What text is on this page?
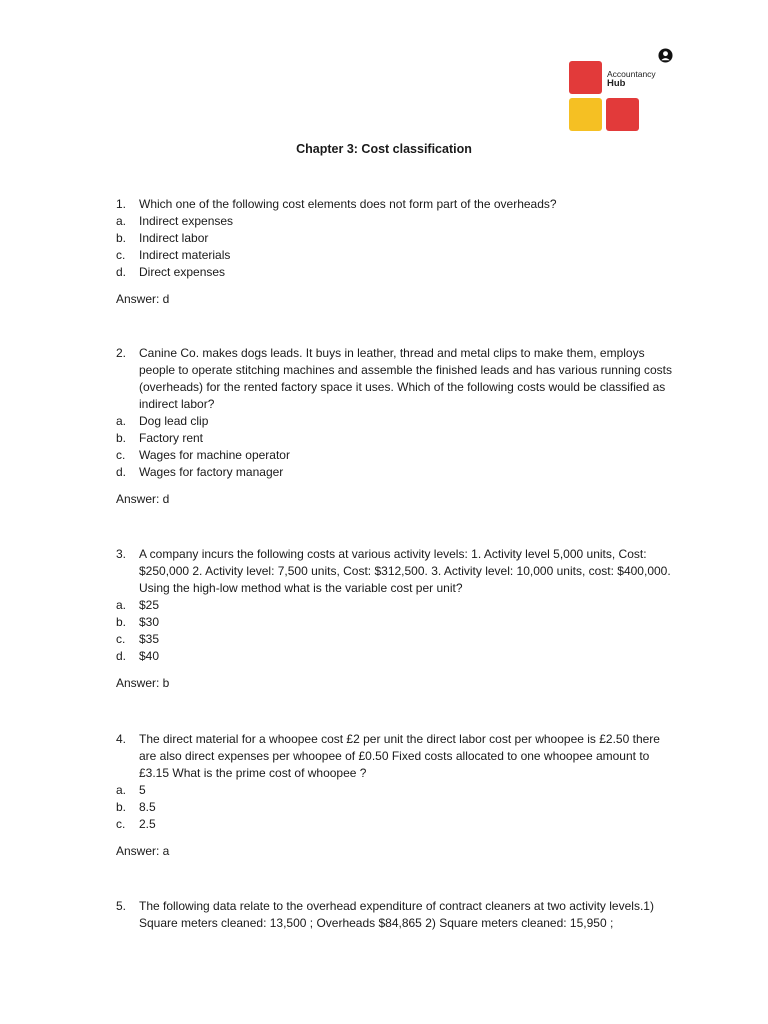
Accountancy
Hub
Chapter 3: Cost classification
1.	Which one of the following cost elements does not form part of the overheads?
a.	Indirect expenses
b.	Indirect labor
c.	Indirect materials
d.	Direct expenses
Answer: d
2.	Canine Co. makes dogs leads. It buys in leather, thread and metal clips to make them, employs people to operate stitching machines and assemble the finished leads and has various running costs (overheads) for the rented factory space it uses. Which of the following costs would be classified as indirect labor?
a.	Dog lead clip
b.	Factory rent
c.	Wages for machine operator
d.	Wages for factory manager
Answer: d
3.	A company incurs the following costs at various activity levels: 1. Activity level 5,000 units, Cost: $250,000 2. Activity level: 7,500 units, Cost: $312,500. 3. Activity level: 10,000 units, cost: $400,000. Using the high-low method what is the variable cost per unit?
a.	$25
b.	$30
c.	$35
d.	$40
Answer: b
4.	The direct material for a whoopee cost £2 per unit the direct labor cost per whoopee is £2.50 there are also direct expenses per whoopee of £0.50 Fixed costs allocated to one whoopee amount to £3.15 What is the prime cost of whoopee ?
a.	5
b.	8.5
c.	2.5
Answer: a
5.	The following data relate to the overhead expenditure of contract cleaners at two activity levels.1) Square meters cleaned: 13,500 ; Overheads $84,865 2) Square meters cleaned: 15,950 ;
